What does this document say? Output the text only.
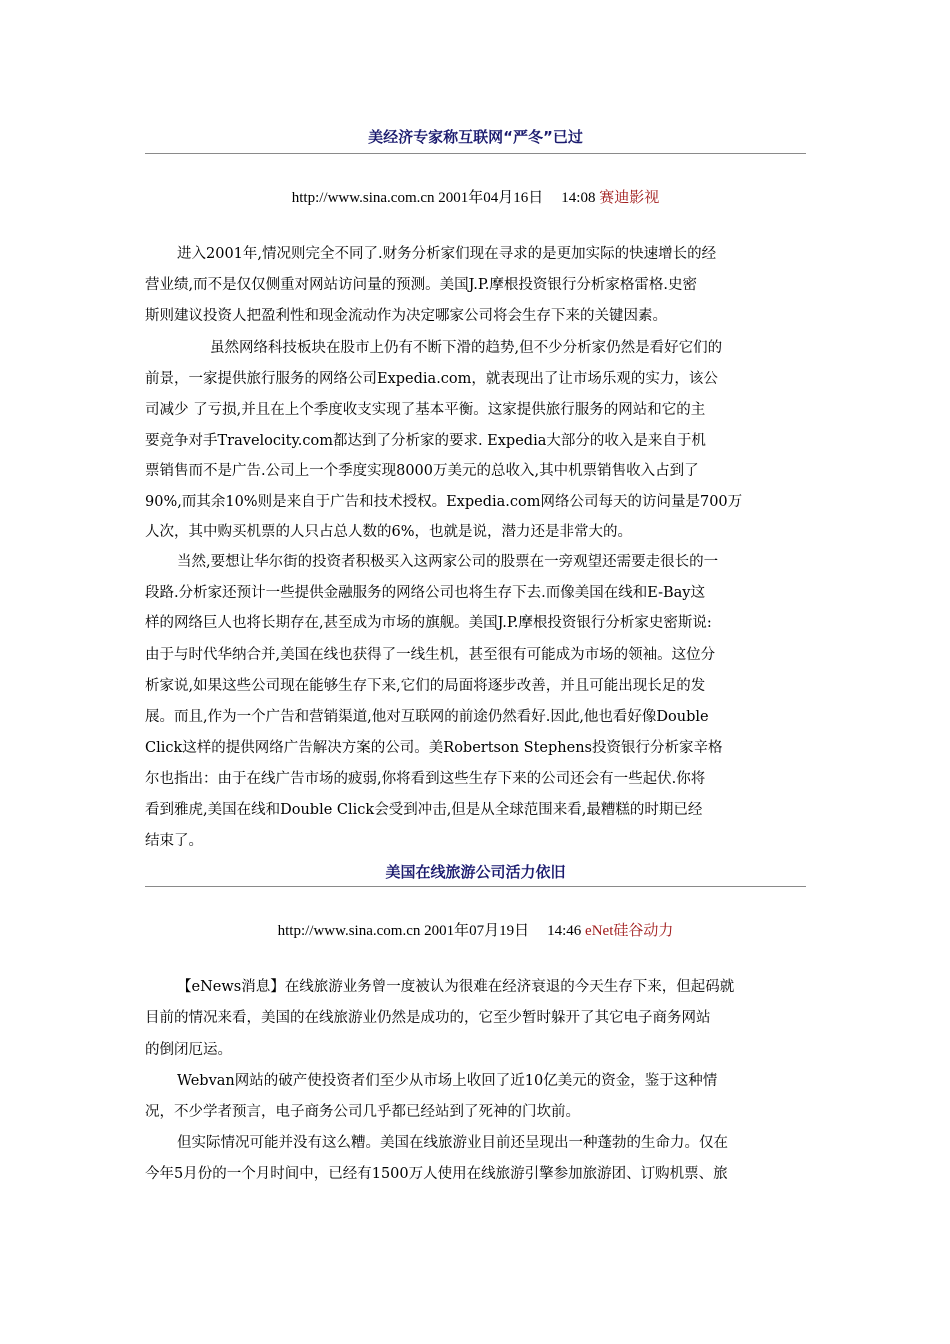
美经济专家称互联网“严冬”已过
http://www.sina.com.cn 2001年04月16日 14:08 赛迪影视
进入2001年,情况则完全不同了.财务分析家们现在寻求的是更加实际的快速增长的经
营业绩,而不是仅仅侧重对网站访问量的预测。美国J.P.摩根投资银行分析家格雷格.史密
斯则建议投资人把盈利性和现金流动作为决定哪家公司将会生存下来的关键因素。
虽然网络科技板块在股市上仍有不断下滑的趋势,但不少分析家仍然是看好它们的
前景，一家提供旅行服务的网络公司Expedia.com，就表现出了让市场乐观的实力，该公
司减少 了亏损,并且在上个季度收支实现了基本平衡。这家提供旅行服务的网站和它的主
要竞争对手Travelocity.com都达到了分析家的要求. Expedia大部分的收入是来自于机
票销售而不是广告.公司上一个季度实现8000万美元的总收入,其中机票销售收入占到了
90%,而其余10%则是来自于广告和技术授权。Expedia.com网络公司每天的访问量是700万
人次，其中购买机票的人只占总人数的6%，也就是说，潜力还是非常大的。
当然,要想让华尔街的投资者积极买入这两家公司的股票在一旁观望还需要走很长的一
段路.分析家还预计一些提供金融服务的网络公司也将生存下去.而像美国在线和E-Bay这
样的网络巨人也将长期存在,甚至成为市场的旗舰。美国J.P.摩根投资银行分析家史密斯说:
由于与时代华纳合并,美国在线也获得了一线生机，甚至很有可能成为市场的领袖。这位分
析家说,如果这些公司现在能够生存下来,它们的局面将逐步改善，并且可能出现长足的发
展。而且,作为一个广告和营销渠道,他对互联网的前途仍然看好.因此,他也看好像Double
Click这样的提供网络广告解决方案的公司。美Robertson Stephens投资银行分析家辛格
尔也指出：由于在线广告市场的疲弱,你将看到这些生存下来的公司还会有一些起伏.你将
看到雅虎,美国在线和Double Click会受到冲击,但是从全球范围来看,最糟糕的时期已经
结束了。
美国在线旅游公司活力依旧
http://www.sina.com.cn 2001年07月19日 14:46 eNet硅谷动力
【eNews消息】在线旅游业务曾一度被认为很难在经济衰退的今天生存下来，但起码就
目前的情况来看，美国的在线旅游业仍然是成功的，它至少暂时躲开了其它电子商务网站
的倒闭厄运。
Webvan网站的破产使投资者们至少从市场上收回了近10亿美元的资金，鉴于这种情
况，不少学者预言，电子商务公司几乎都已经站到了死神的门坎前。
但实际情况可能并没有这么糟。美国在线旅游业目前还呈现出一种蓬勃的生命力。仅在
今年5月份的一个月时间中，已经有1500万人使用在线旅游引擎参加旅游团、订购机票、旅
